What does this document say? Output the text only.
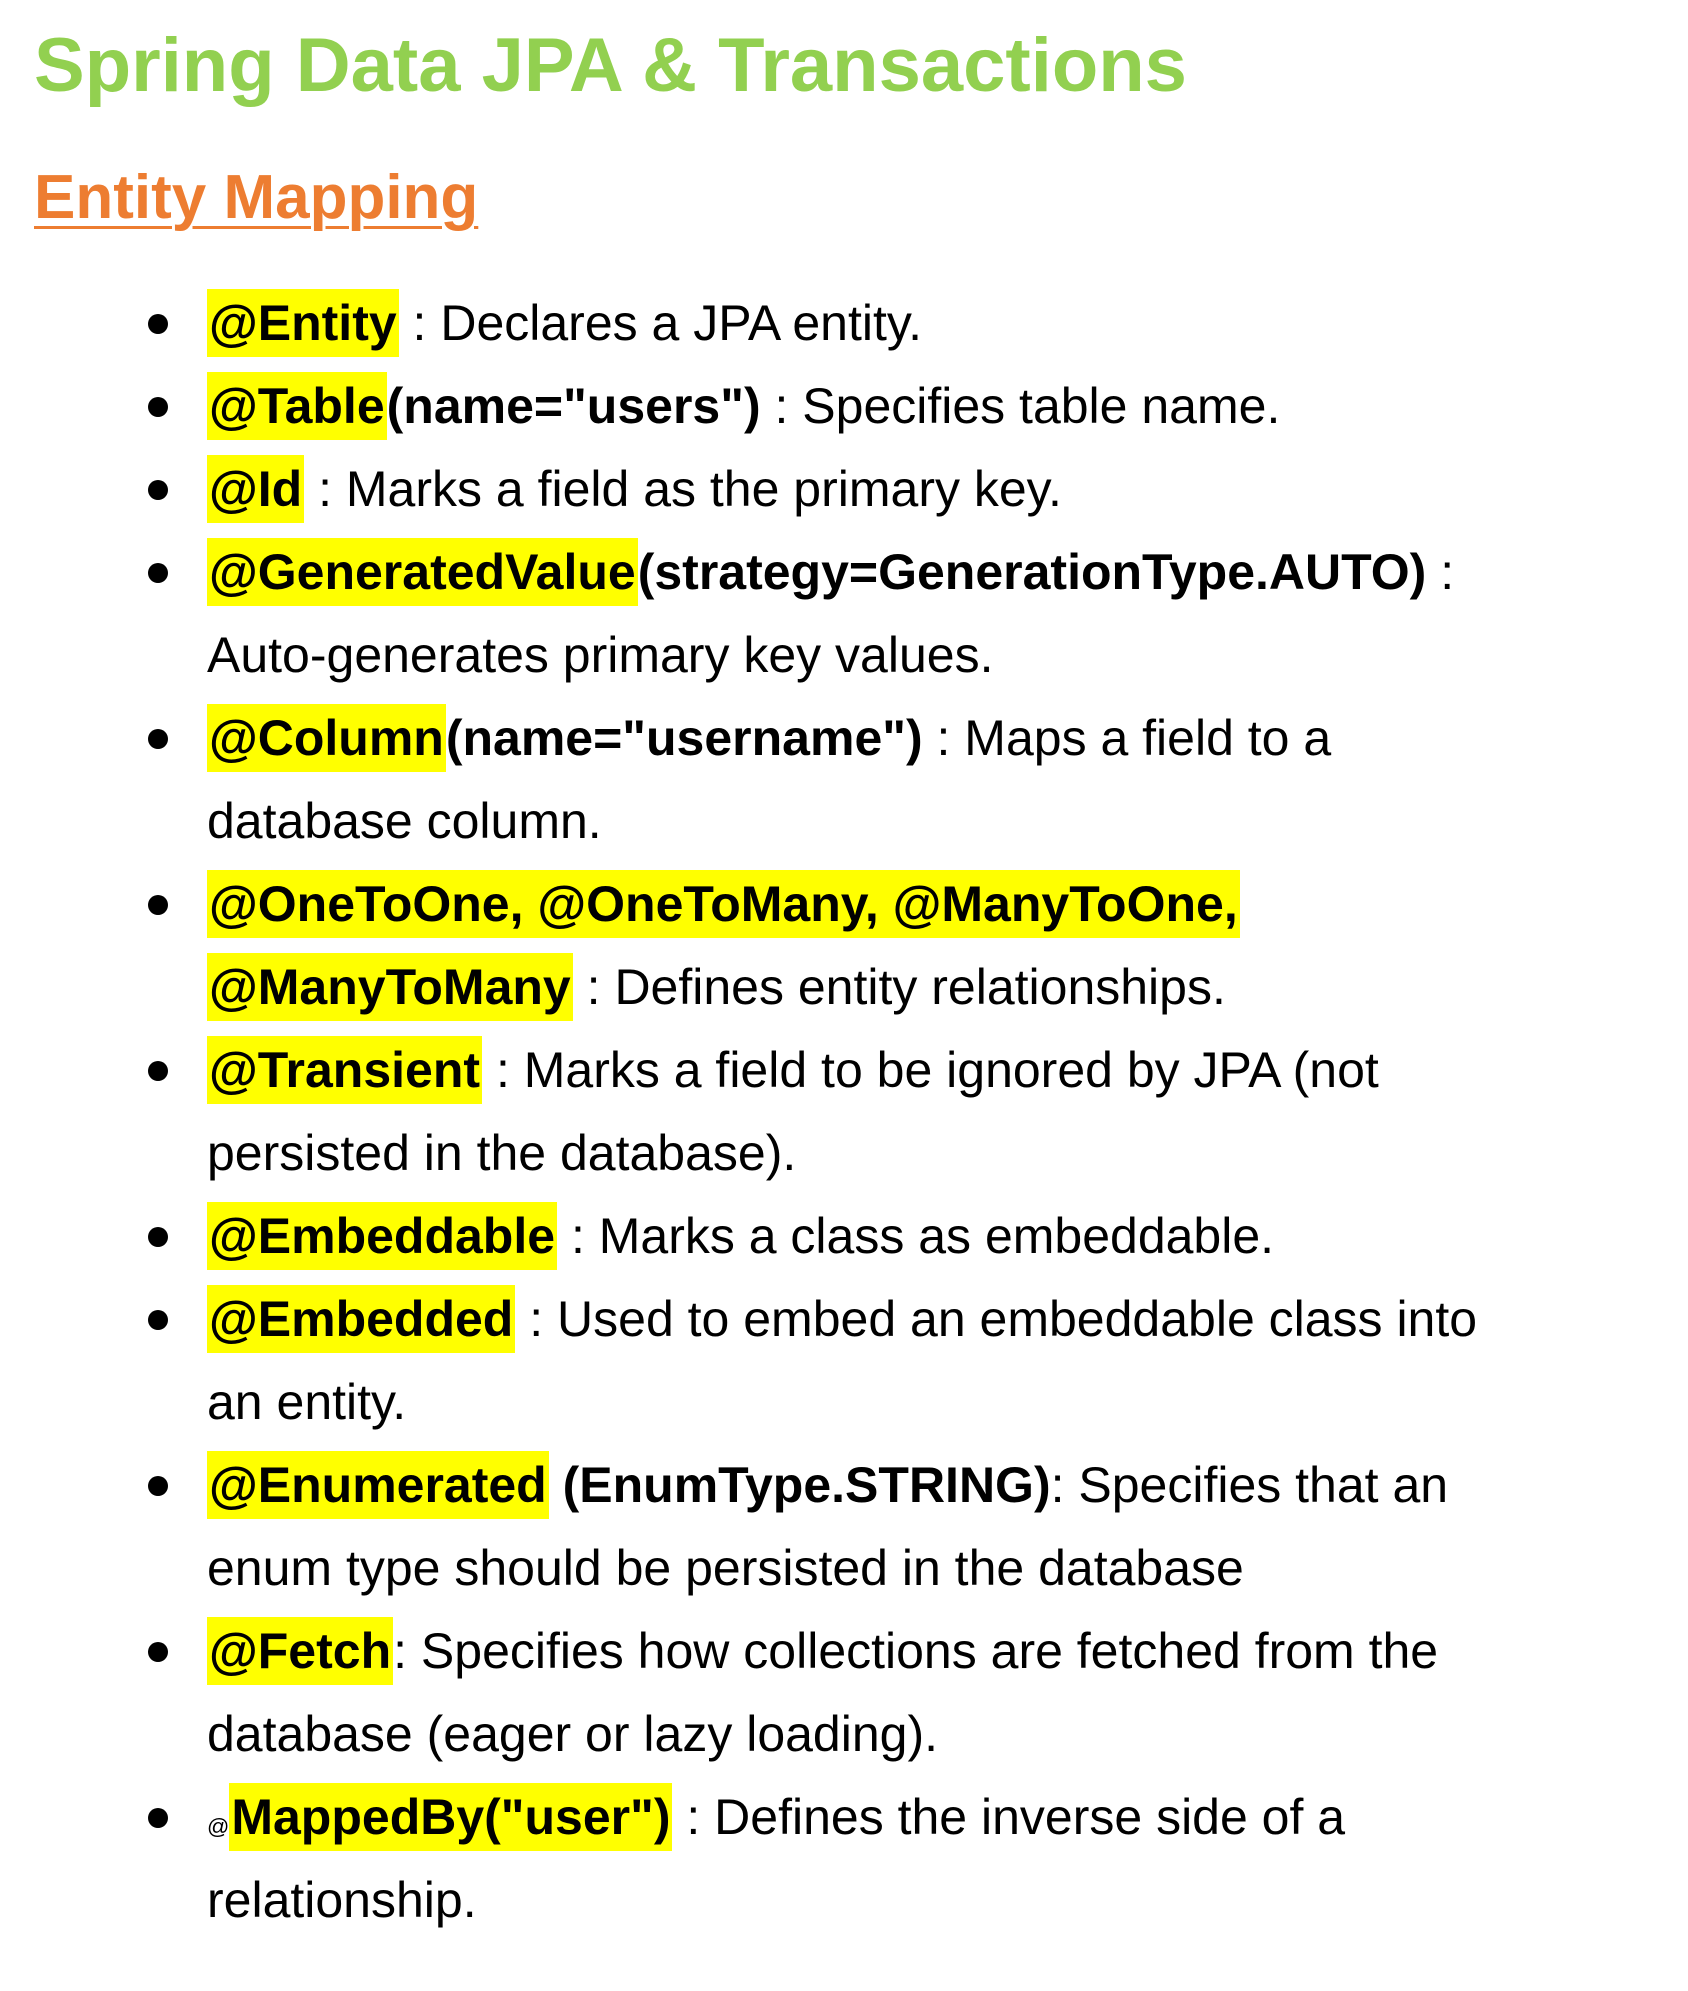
Spring Data JPA & Transactions
Entity Mapping
@Entity : Declares a JPA entity.
@Table(name="users") : Specifies table name.
@Id : Marks a field as the primary key.
@GeneratedValue(strategy=GenerationType.AUTO) :
Auto-generates primary key values.
@Column(name="username") : Maps a field to a
database column.
@OneToOne, @OneToMany, @ManyToOne,
@ManyToMany : Defines entity relationships.
@Transient : Marks a field to be ignored by JPA (not
persisted in the database).
@Embeddable : Marks a class as embeddable.
@Embedded : Used to embed an embeddable class into
an entity.
@Enumerated (EnumType.STRING): Specifies that an
enum type should be persisted in the database
@Fetch: Specifies how collections are fetched from the
database (eager or lazy loading).
@MappedBy("user") : Defines the inverse side of a
relationship.
